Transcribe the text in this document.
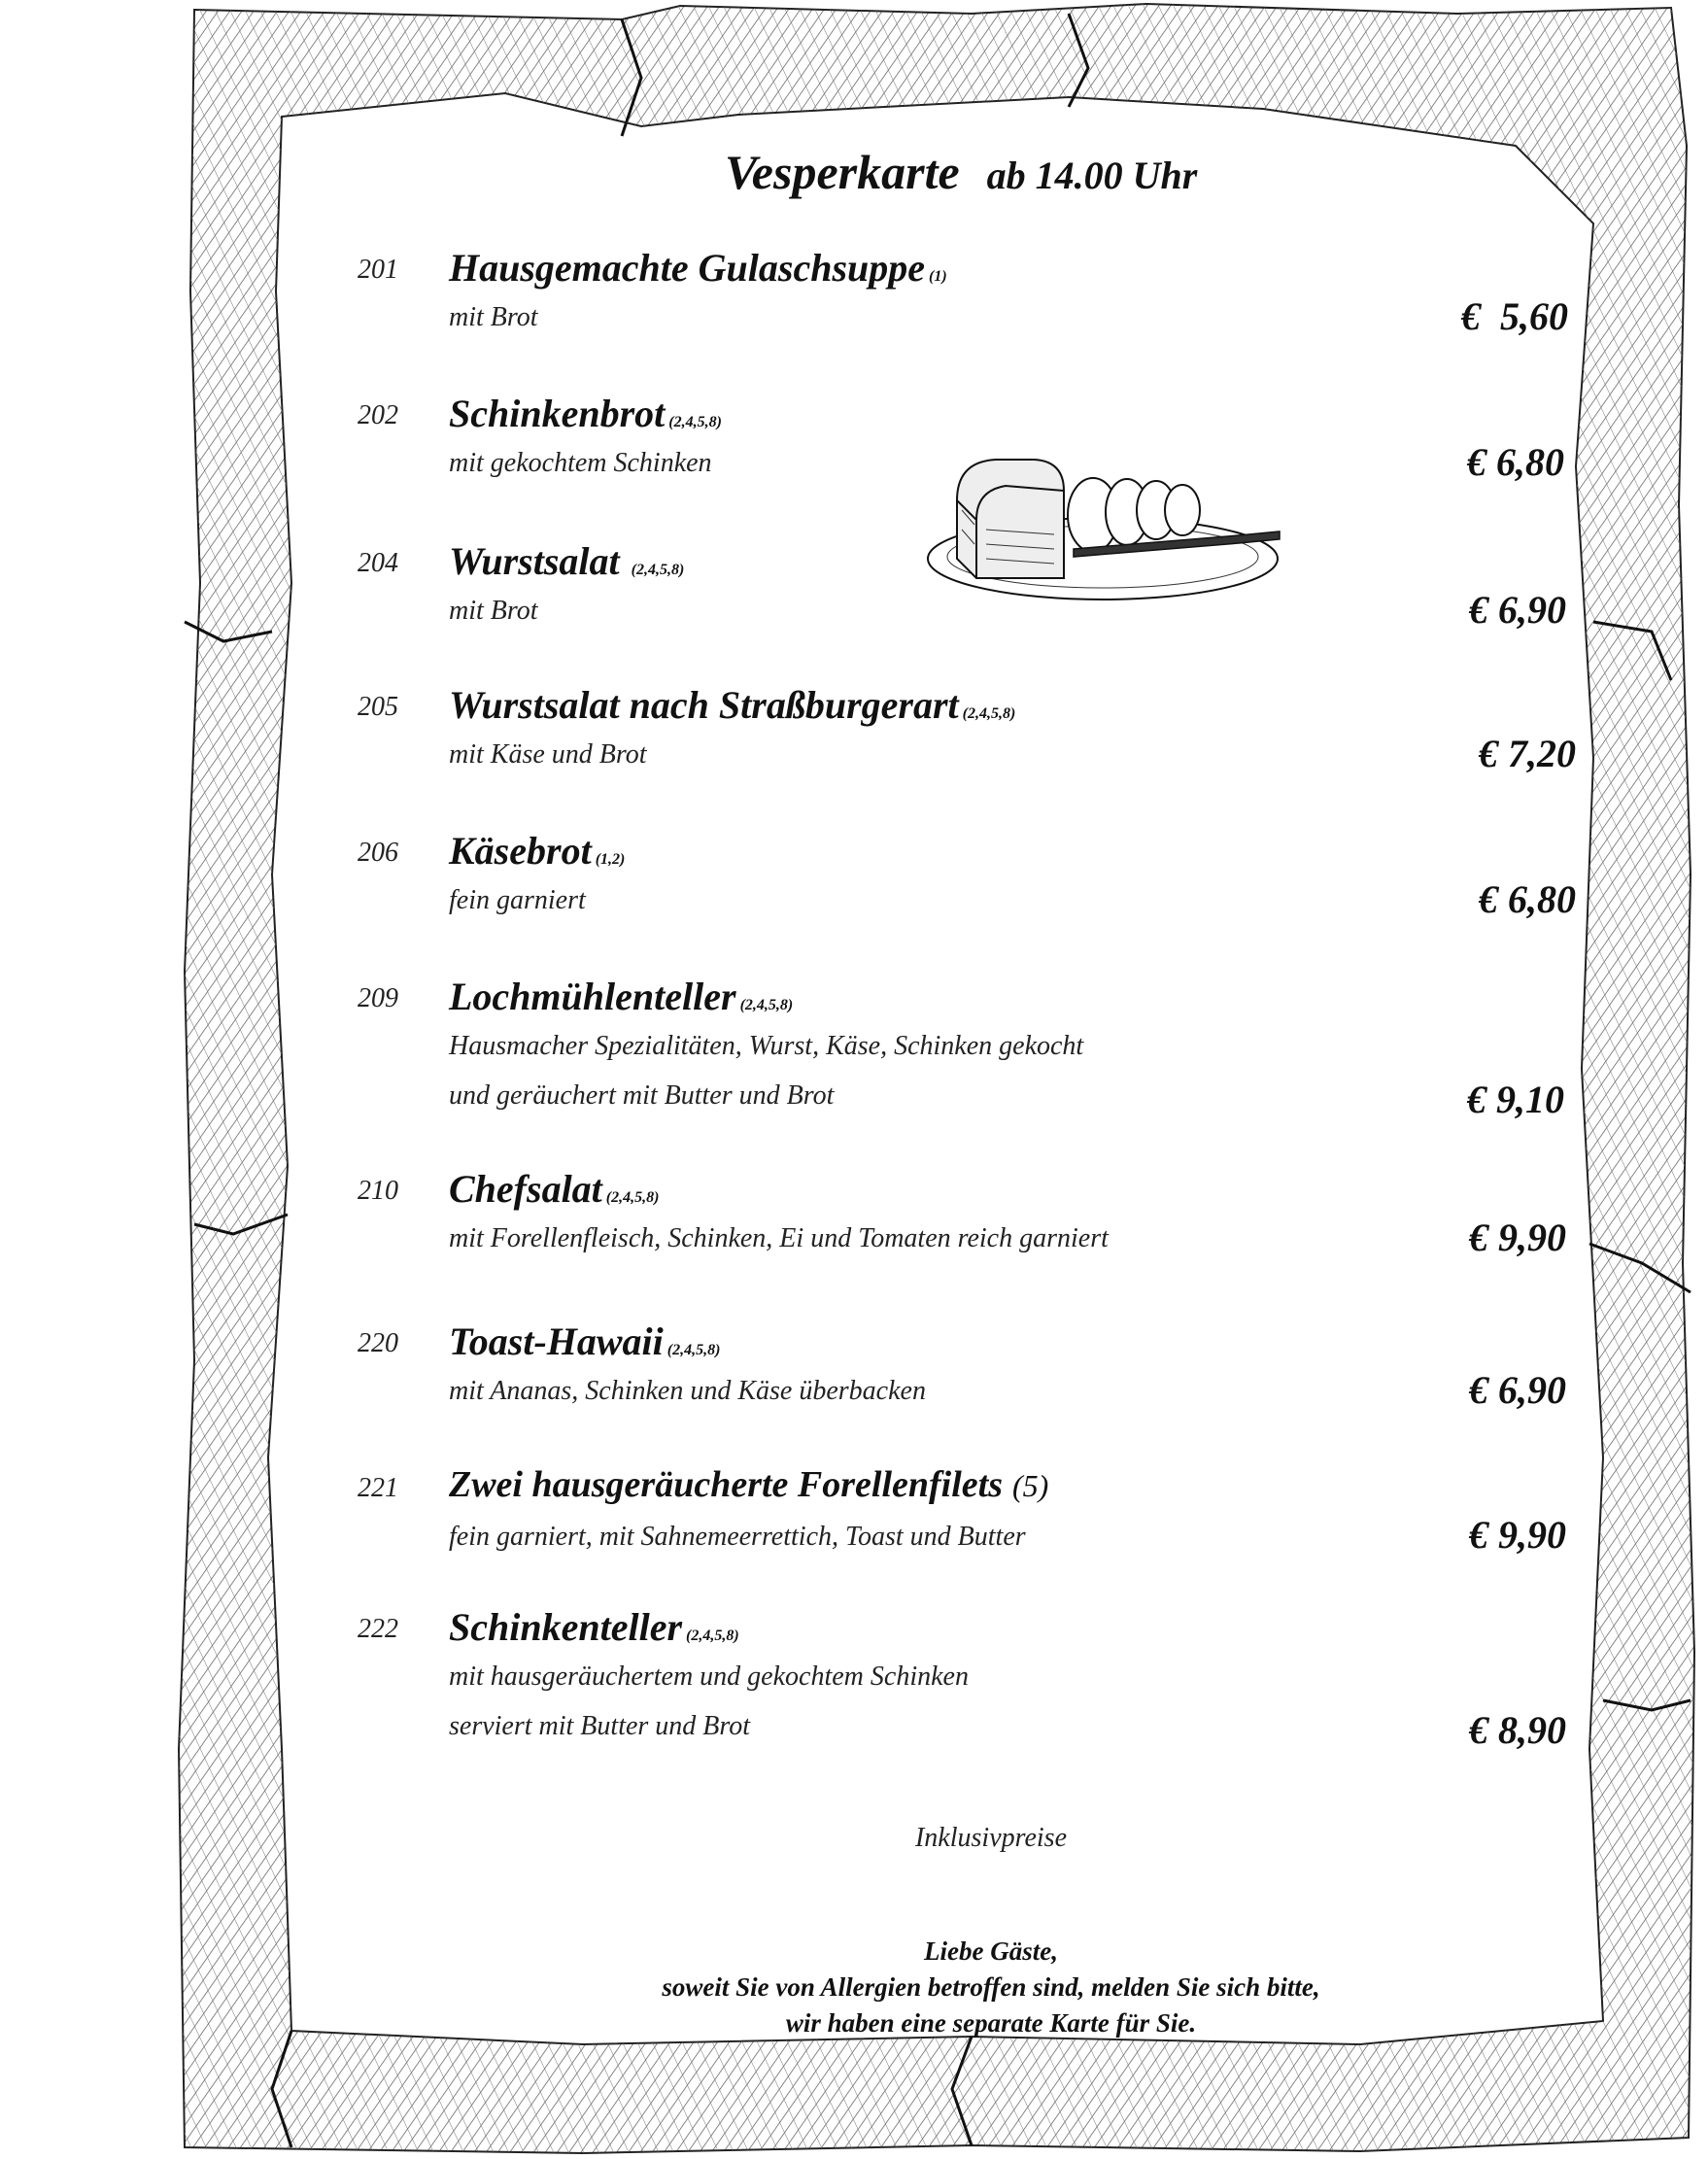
Vesperkarte ab 14.00 Uhr
201 Hausgemachte Gulaschsuppe (1)
mit Brot	€  5,60
202 Schinkenbrot (2,4,5,8)
mit gekochtem Schinken	€ 6,80
204 Wurstsalat (2,4,5,8)
mit Brot	€ 6,90
205 Wurstsalat nach Straßburgerart (2,4,5,8)
mit Käse und Brot	€ 7,20
206 Käsebrot (1,2)
fein garniert	€ 6,80
209 Lochmühlenteller (2,4,5,8)
Hausmacher Spezialitäten, Wurst, Käse, Schinken gekocht
und geräuchert mit Butter und Brot	€ 9,10
210 Chefsalat (2,4,5,8)
mit Forellenfleisch, Schinken, Ei und Tomaten reich garniert	€ 9,90
220 Toast-Hawaii (2,4,5,8)
mit Ananas, Schinken und Käse überbacken	€ 6,90
221 Zwei hausgeräucherte Forellenfilets (5)
fein garniert, mit Sahnemeerrettich, Toast und Butter	€ 9,90
222 Schinkenteller (2,4,5,8)
mit hausgeräuchertem und gekochtem Schinken
serviert mit Butter und Brot	€ 8,90
Inklusivpreise
Liebe Gäste,
soweit Sie von Allergien betroffen sind, melden Sie sich bitte,
wir haben eine separate Karte für Sie.
